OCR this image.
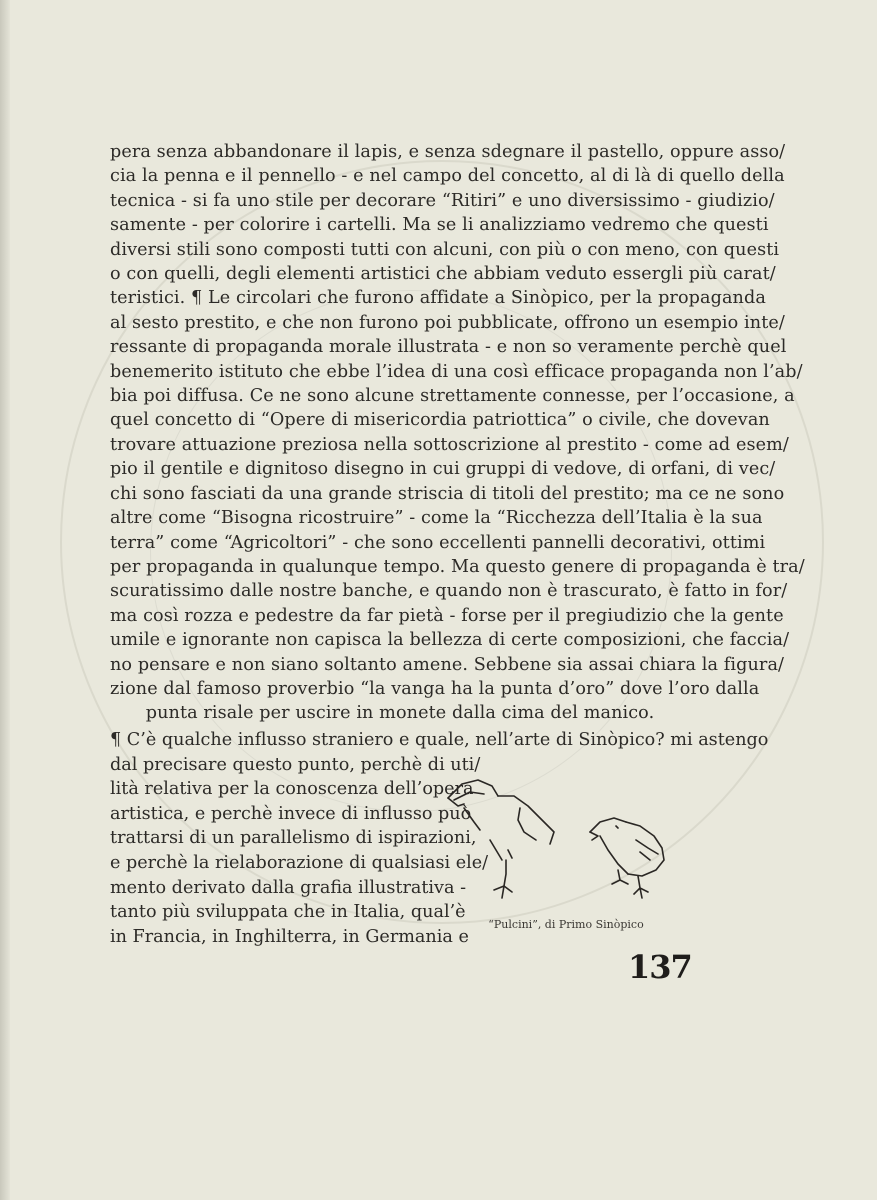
pera senza abbandonare il lapis, e senza sdegnare il pastello, oppure asso/
cia la penna e il pennello - e nel campo del concetto, al di là di quello della
tecnica - si fa uno stile per decorare “Ritiri” e uno diversissimo - giudizio/
samente - per colorire i cartelli. Ma se li analizziamo vedremo che questi
diversi stili sono composti tutti con alcuni, con più o con meno, con questi
o con quelli, degli elementi artistici che abbiam veduto essergli più carat/
teristici. ¶ Le circolari che furono affidate a Sinòpico, per la propaganda
al sesto prestito, e che non furono poi pubblicate, offrono un esempio inte/
ressante di propaganda morale illustrata - e non so veramente perchè quel
benemerito istituto che ebbe l’idea di una così efficace propaganda non l’ab/
bia poi diffusa. Ce ne sono alcune strettamente connesse, per l’occasione, a
quel concetto di “Opere di misericordia patriottica” o civile, che dovevan
trovare attuazione preziosa nella sottoscrizione al prestito - come ad esem/
pio il gentile e dignitoso disegno in cui gruppi di vedove, di orfani, di vec/
chi sono fasciati da una grande striscia di titoli del prestito; ma ce ne sono
altre come “Bisogna ricostruire” - come la “Ricchezza dell’Italia è la sua
terra” come “Agricoltori” - che sono eccellenti pannelli decorativi, ottimi
per propaganda in qualunque tempo. Ma questo genere di propaganda è tra/
scuratissimo dalle nostre banche, e quando non è trascurato, è fatto in for/
ma così rozza e pedestre da far pietà - forse per il pregiudizio che la gente
umile e ignorante non capisca la bellezza di certe composizioni, che faccia/
no pensare e non siano soltanto amene. Sebbene sia assai chiara la figura/
zione dal famoso proverbio “la vanga ha la punta d’oro” dove l’oro dalla
punta risale per uscire in monete dalla cima del manico.
¶ C’è qualche influsso straniero e quale, nell’arte di Sinòpico? mi astengo
dal precisare questo punto, perchè di uti/
lità relativa per la conoscenza dell’opera
artistica, e perchè invece di influsso può
trattarsi di un parallelismo di ispirazioni,
e perchè la rielaborazione di qualsiasi ele/
mento derivato dalla grafia illustrativa -
tanto più sviluppata che in Italia, qual’è
in Francia, in Inghilterra, in Germania e
“Pulcini”, di Primo Sinòpico
137
